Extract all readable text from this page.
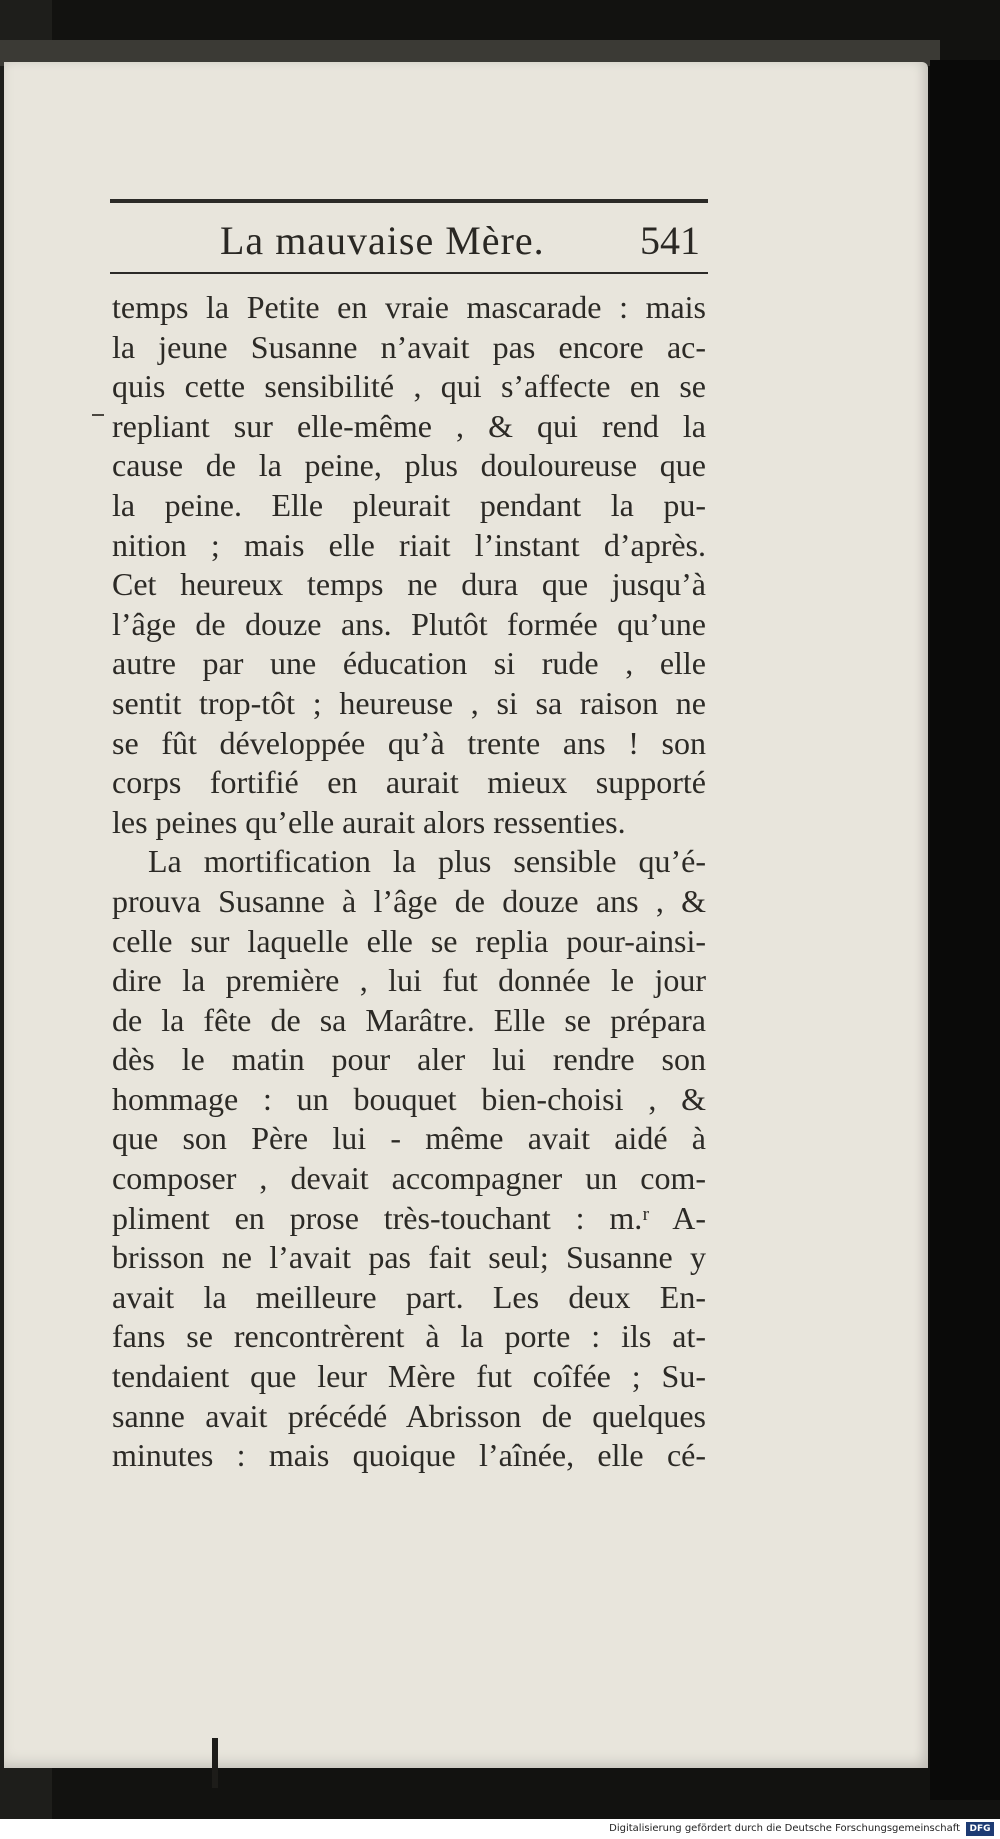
La mauvaise Mère. 541
temps la Petite en vraie mascarade : mais
la jeune Susanne n’avait pas encore ac-
quis cette sensibilité , qui s’affecte en se
repliant sur elle-même , & qui rend la
cause de la peine, plus douloureuse que
la peine. Elle pleurait pendant la pu-
nition ; mais elle riait l’instant d’après.
Cet heureux temps ne dura que jusqu’à
l’âge de douze ans. Plutôt formée qu’une
autre par une éducation si rude , elle
sentit trop-tôt ; heureuse , si sa raison ne
se fût développée qu’à trente ans ! son
corps fortifié en aurait mieux supporté
les peines qu’elle aurait alors ressenties.
La mortification la plus sensible qu’é-
prouva Susanne à l’âge de douze ans , &
celle sur laquelle elle se replia pour-ainsi-
dire la première , lui fut donnée le jour
de la fête de sa Marâtre. Elle se prépara
dès le matin pour aler lui rendre son
hommage : un bouquet bien-choisi , &
que son Père lui - même avait aidé à
composer , devait accompagner un com-
pliment en prose très-touchant : m.ʳ A-
brisson ne l’avait pas fait seul; Susanne y
avait la meilleure part. Les deux En-
fans se rencontrèrent à la porte : ils at-
tendaient que leur Mère fut coîfée ; Su-
sanne avait précédé Abrisson de quelques
minutes : mais quoique l’aînée, elle cé-
Digitalisierung gefördert durch die Deutsche Forschungsgemeinschaft	DFG
